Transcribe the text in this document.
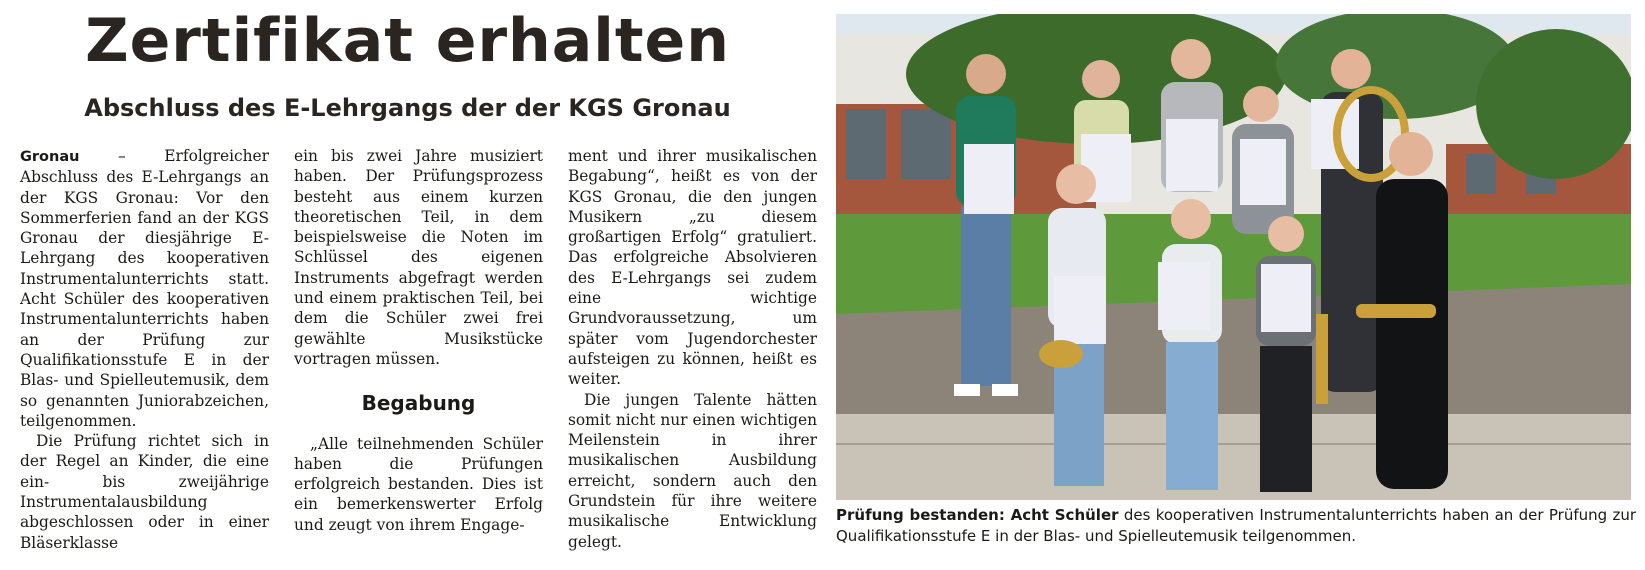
Zertifikat erhalten
Abschluss des E-Lehrgangs der der KGS Gronau

Gronau – Erfolgreicher Abschluss des E-Lehrgangs an der KGS Gronau: Vor den Sommerferien fand an der KGS Gronau der diesjährige E-Lehrgang des kooperativen Instrumentalunterrichts statt. Acht Schüler des kooperativen Instrumentalunterrichts haben an der Prüfung zur Qualifikationsstufe E in der Blas- und Spielleutemusik, dem so genannten Juniorabzeichen, teilgenommen.

Die Prüfung richtet sich in der Regel an Kinder, die eine ein- bis zweijährige Instrumentalausbildung abgeschlossen oder in einer Bläserklasse

ein bis zwei Jahre musiziert haben. Der Prüfungsprozess besteht aus einem kurzen theoretischen Teil, in dem beispielsweise die Noten im Schlüssel des eigenen Instruments abgefragt werden und einem praktischen Teil, bei dem die Schüler zwei frei gewählte Musikstücke vortragen müssen.

Begabung

„Alle teilnehmenden Schüler haben die Prüfungen erfolgreich bestanden. Dies ist ein bemerkenswerter Erfolg und zeugt von ihrem Engage-

ment und ihrer musikalischen Begabung“, heißt es von der KGS Gronau, die den jungen Musikern „zu diesem großartigen Erfolg“ gratuliert. Das erfolgreiche Absolvieren des E-Lehrgangs sei zudem eine wichtige Grundvoraussetzung, um später vom Jugendorchester aufsteigen zu können, heißt es weiter.

Die jungen Talente hätten somit nicht nur einen wichtigen Meilenstein in ihrer musikalischen Ausbildung erreicht, sondern auch den Grundstein für ihre weitere musikalische Entwicklung gelegt.

Prüfung bestanden: Acht Schüler des kooperativen Instrumentalunterrichts haben an der Prüfung zur Qualifikationsstufe E in der Blas- und Spielleutemusik teilgenommen.
